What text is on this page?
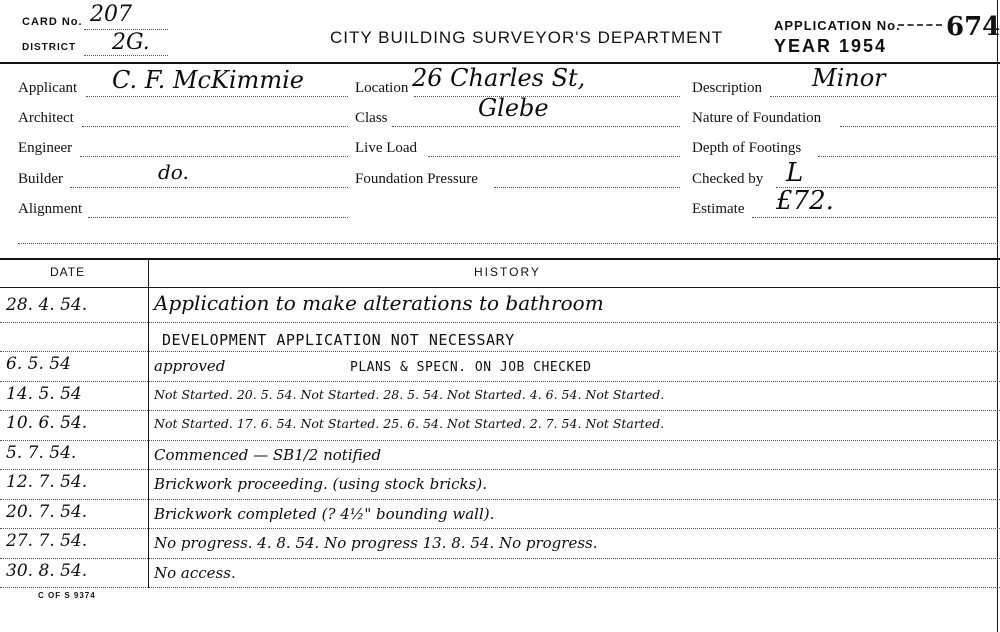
CARD No. 207
DISTRICT 2G.	CITY BUILDING SURVEYOR'S DEPARTMENT
APPLICATION No. 674
YEAR 1954
Applicant C. F. McKimmie
Architect
Engineer
Builder	do.
Alignment
Location 26 Charles St,
Class	Glebe
Live Load
Foundation Pressure
Description Minor
Nature of Foundation
Depth of Footings
Checked by L
Estimate £72.
DATE	HISTORY
28. 4. 54.	Application to make alterations to bathroom
DEVELOPMENT APPLICATION NOT NECESSARY
6. 5. 54	approved	PLANS & SPECN. ON JOB CHECKED
14. 5. 54	Not Started. 20. 5. 54. Not Started. 28. 5. 54. Not Started. 4. 6. 54. Not Started.
10. 6. 54.	Not Started. 17. 6. 54. Not Started. 25. 6. 54. Not Started. 2. 7. 54. Not Started.
5. 7. 54.	Commenced — SB1/2 notified
12. 7. 54.	Brickwork proceeding. (using stock bricks).
20. 7. 54.	Brickwork completed (? 4½" bounding wall).
27. 7. 54.	No progress. 4. 8. 54. No progress 13. 8. 54. No progress.
30. 8. 54.	No access.
C OF S 9374
